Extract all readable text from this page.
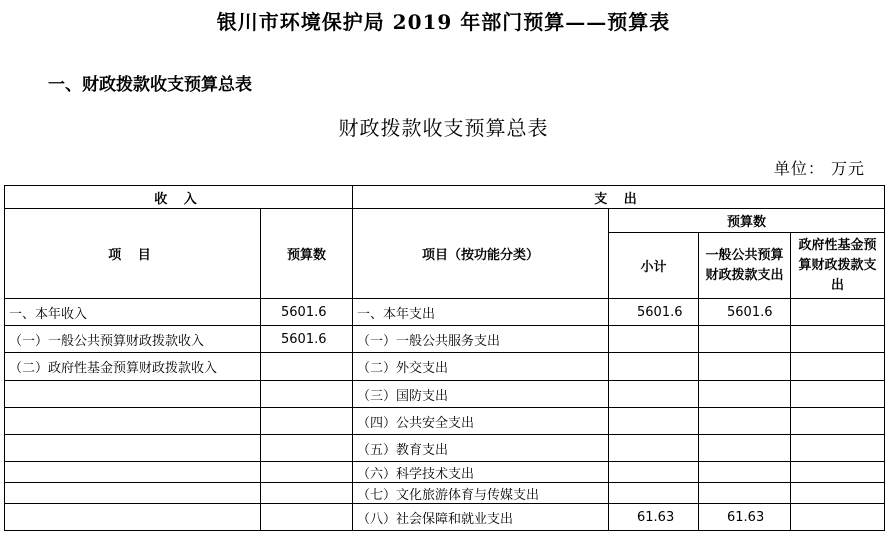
银川市环境保护局 2019 年部门预算——预算表
一、财政拨款收支预算总表
财政拨款收支预算总表
单位： 万元
收 入		支 出			
项 目	预算数	项目（按功能分类）	预算数		
			小计	一般公共预算财政拨款支出	政府性基金预算财政拨款支出
一、本年收入	5601.6	一、本年支出	5601.6	5601.6	
（一）一般公共预算财政拨款收入	5601.6	（一）一般公共服务支出			
（二）政府性基金预算财政拨款收入		（二）外交支出			
		（三）国防支出			
		（四）公共安全支出			
		（五）教育支出			
		（六）科学技术支出			
		（七）文化旅游体育与传媒支出			
		（八）社会保障和就业支出	61.63	61.63	
